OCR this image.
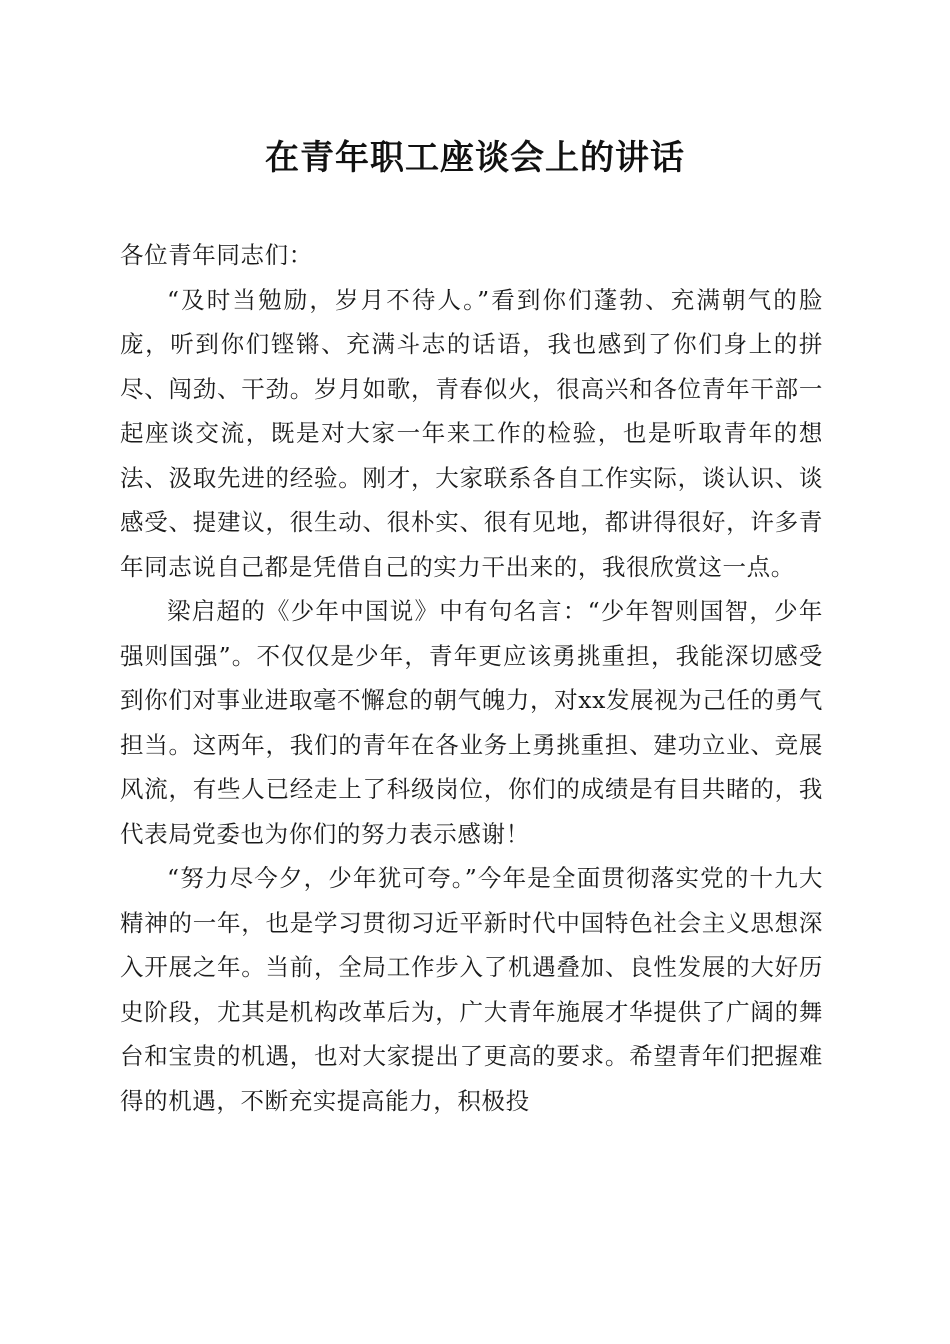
在青年职工座谈会上的讲话

各位青年同志们：

“及时当勉励，岁月不待人。”看到你们蓬勃、充满朝气的脸庞，听到你们铿锵、充满斗志的话语，我也感到了你们身上的拼尽、闯劲、干劲。岁月如歌，青春似火，很高兴和各位青年干部一起座谈交流，既是对大家一年来工作的检验，也是听取青年的想法、汲取先进的经验。刚才，大家联系各自工作实际，谈认识、谈感受、提建议，很生动、很朴实、很有见地，都讲得很好，许多青年同志说自己都是凭借自己的实力干出来的，我很欣赏这一点。

梁启超的《少年中国说》中有句名言：“少年智则国智，少年强则国强”。不仅仅是少年，青年更应该勇挑重担，我能深切感受到你们对事业进取毫不懈怠的朝气魄力，对xx发展视为己任的勇气担当。这两年，我们的青年在各业务上勇挑重担、建功立业、竞展风流，有些人已经走上了科级岗位，你们的成绩是有目共睹的，我代表局党委也为你们的努力表示感谢！

“努力尽今夕，少年犹可夸。”今年是全面贯彻落实党的十九大精神的一年，也是学习贯彻习近平新时代中国特色社会主义思想深入开展之年。当前，全局工作步入了机遇叠加、良性发展的大好历史阶段，尤其是机构改革后为，广大青年施展才华提供了广阔的舞台和宝贵的机遇，也对大家提出了更高的要求。希望青年们把握难得的机遇，不断充实提高能力，积极投
